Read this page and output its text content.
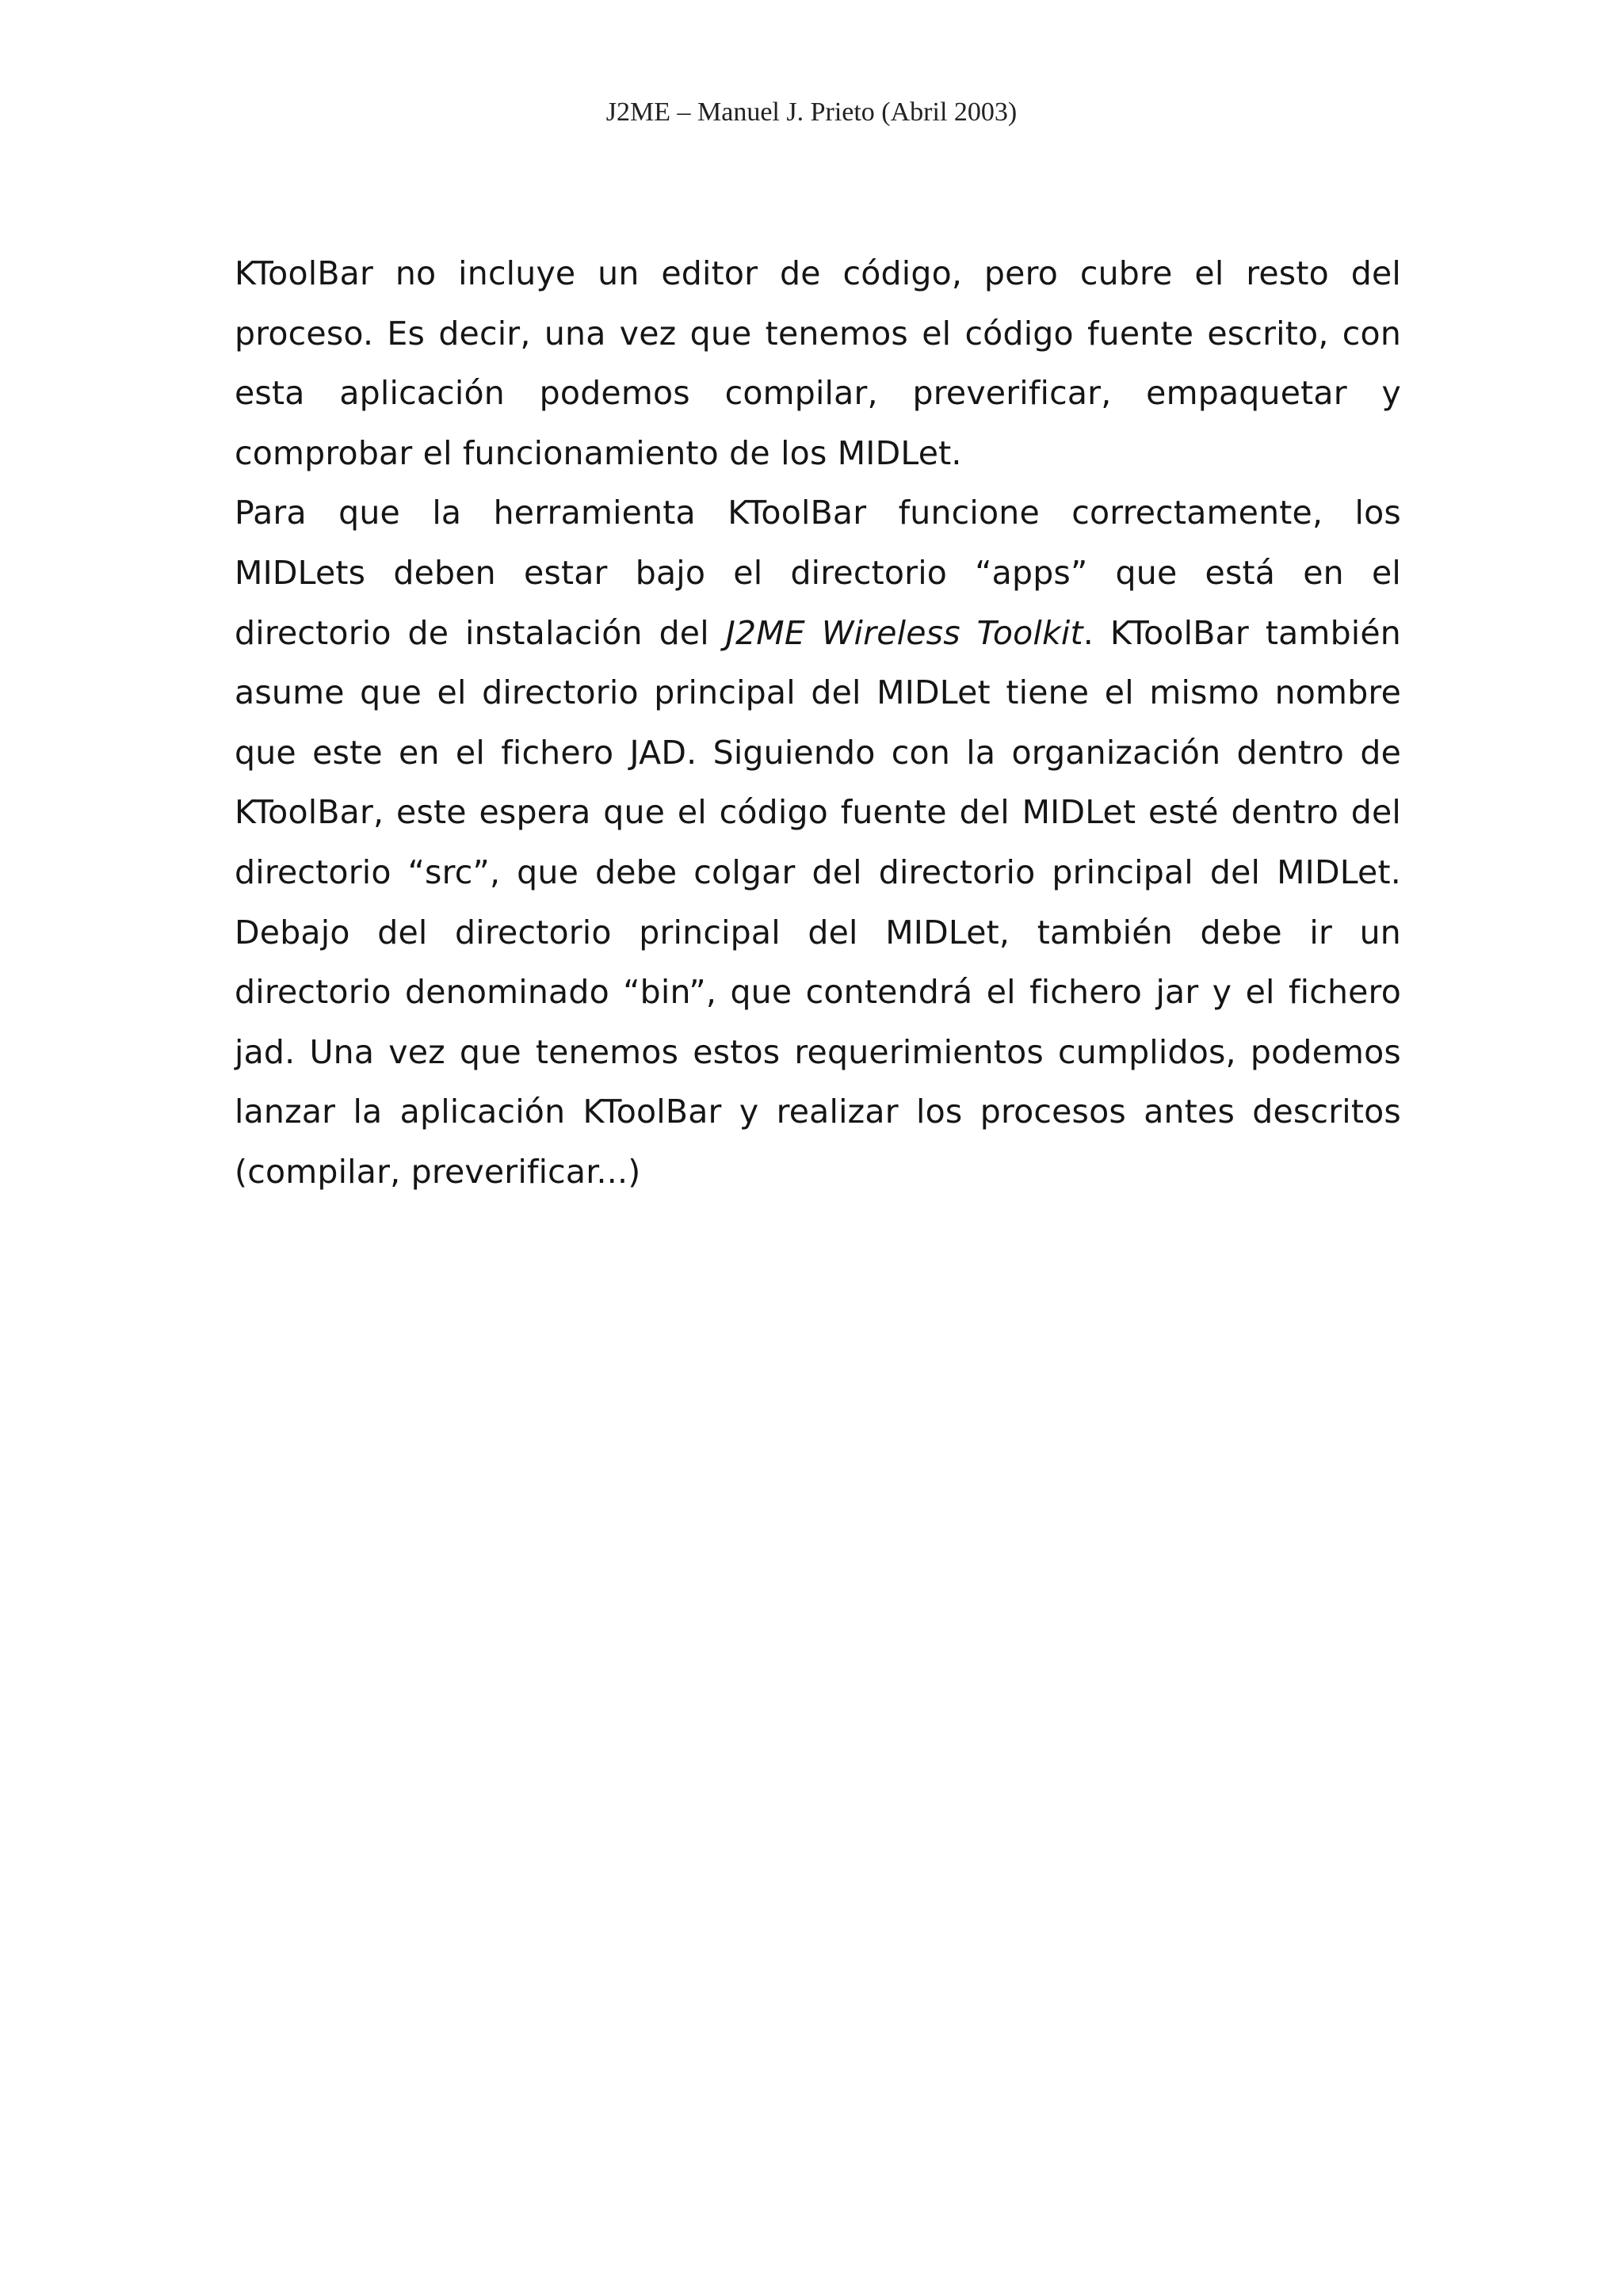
J2ME – Manuel J. Prieto (Abril 2003)

KToolBar no incluye un editor de código, pero cubre el resto del
proceso. Es decir, una vez que tenemos el código fuente escrito, con
esta aplicación podemos compilar, preverificar, empaquetar y
comprobar el funcionamiento de los MIDLet.

Para que la herramienta KToolBar funcione correctamente, los
MIDLets deben estar bajo el directorio “apps” que está en el
directorio de instalación del J2ME Wireless Toolkit. KToolBar también
asume que el directorio principal del MIDLet tiene el mismo nombre
que este en el fichero JAD. Siguiendo con la organización dentro de
KToolBar, este espera que el código fuente del MIDLet esté dentro del
directorio “src”, que debe colgar del directorio principal del MIDLet.
Debajo del directorio principal del MIDLet, también debe ir un
directorio denominado “bin”, que contendrá el fichero jar y el fichero
jad. Una vez que tenemos estos requerimientos cumplidos, podemos
lanzar la aplicación KToolBar y realizar los procesos antes descritos
(compilar, preverificar...)
